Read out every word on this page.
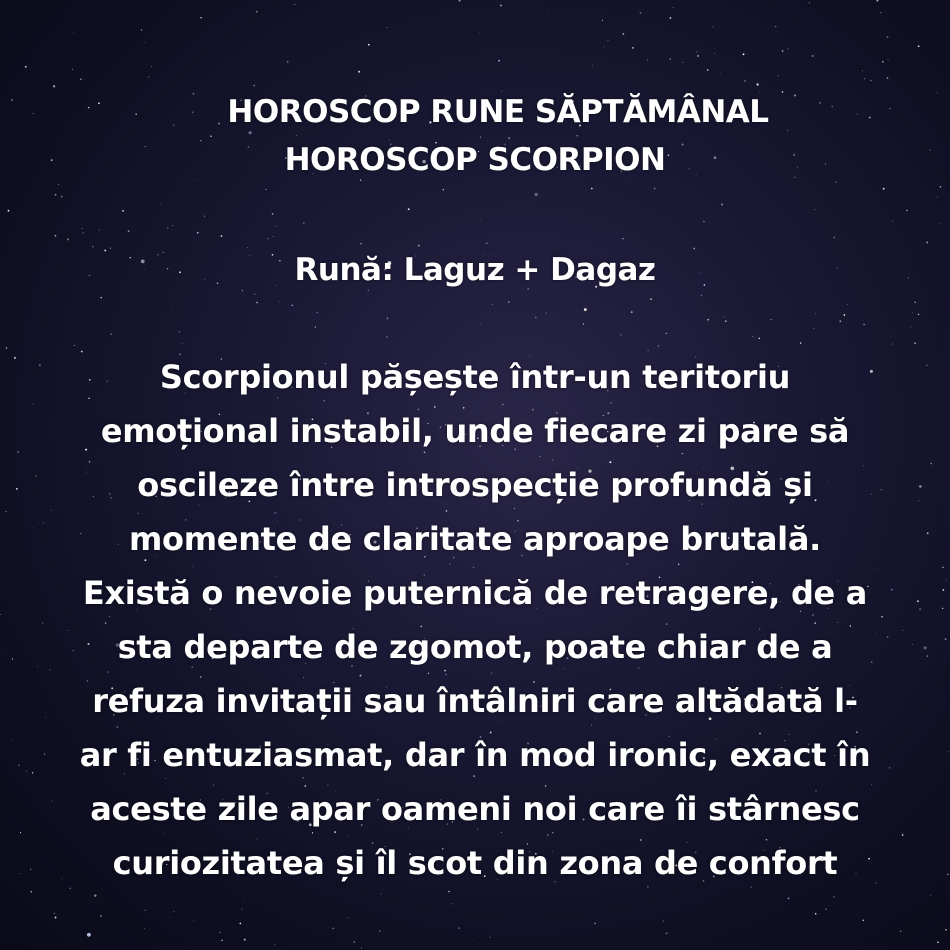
HOROSCOP RUNE SĂPTĂMÂNAL
HOROSCOP SCORPION
Rună: Laguz + Dagaz
Scorpionul pășește într-un teritoriu
emoțional instabil, unde fiecare zi pare să
oscileze între introspecție profundă și
momente de claritate aproape brutală.
Există o nevoie puternică de retragere, de a
sta departe de zgomot, poate chiar de a
refuza invitații sau întâlniri care altădată l-
ar fi entuziasmat, dar în mod ironic, exact în
aceste zile apar oameni noi care îi stârnesc
curiozitatea și îl scot din zona de confort
